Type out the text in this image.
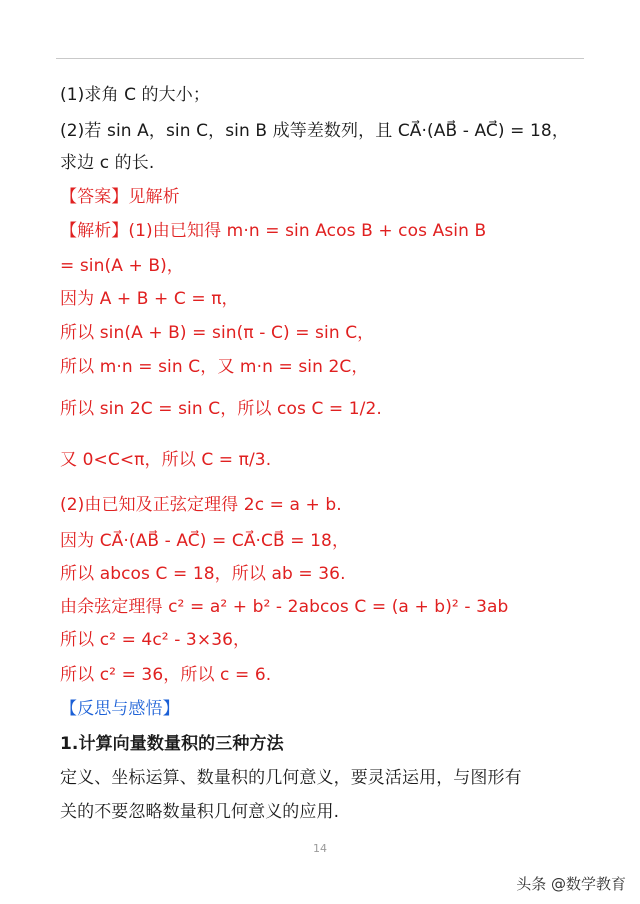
(1)求角 C 的大小；
(2)若 sin A，sin C，sin B 成等差数列，且 CA⃗·(AB⃗ - AC⃗) = 18，
求边 c 的长.
【答案】见解析
【解析】(1)由已知得 m·n = sin Acos B + cos Asin B
= sin(A + B)，
因为 A + B + C = π，
所以 sin(A + B) = sin(π - C) = sin C，
所以 m·n = sin C，又 m·n = sin 2C，
所以 sin 2C = sin C，所以 cos C = 1/2.
又 0<C<π，所以 C = π/3.
(2)由已知及正弦定理得 2c = a + b.
因为 CA⃗·(AB⃗ - AC⃗) = CA⃗·CB⃗ = 18，
所以 abcos C = 18，所以 ab = 36.
由余弦定理得 c² = a² + b² - 2abcos C = (a + b)² - 3ab
所以 c² = 4c² - 3×36，
所以 c² = 36，所以 c = 6.
【反思与感悟】
1.计算向量数量积的三种方法
定义、坐标运算、数量积的几何意义，要灵活运用，与图形有
关的不要忽略数量积几何意义的应用.
14
头条 @数学教育
